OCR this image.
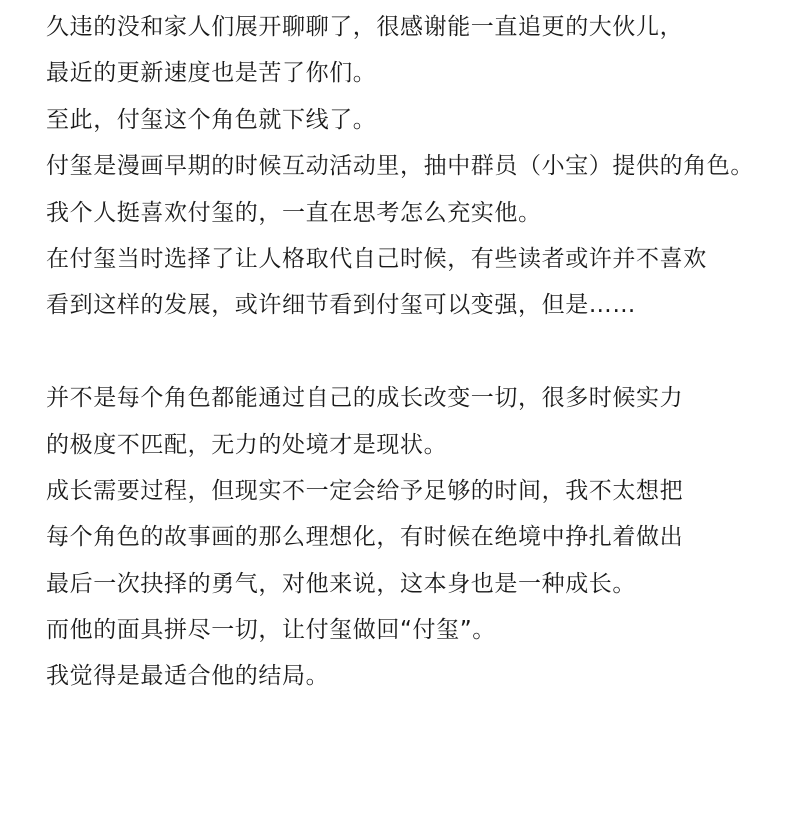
久违的没和家人们展开聊聊了，很感谢能一直追更的大伙儿，

最近的更新速度也是苦了你们。

至此，付玺这个角色就下线了。

付玺是漫画早期的时候互动活动里，抽中群员（小宝）提供的角色。

我个人挺喜欢付玺的，一直在思考怎么充实他。

在付玺当时选择了让人格取代自己时候，有些读者或许并不喜欢

看到这样的发展，或许细节看到付玺可以变强，但是……

并不是每个角色都能通过自己的成长改变一切，很多时候实力

的极度不匹配，无力的处境才是现状。

成长需要过程，但现实不一定会给予足够的时间，我不太想把

每个角色的故事画的那么理想化，有时候在绝境中挣扎着做出

最后一次抉择的勇气，对他来说，这本身也是一种成长。

而他的面具拼尽一切，让付玺做回“付玺”。

我觉得是最适合他的结局。
